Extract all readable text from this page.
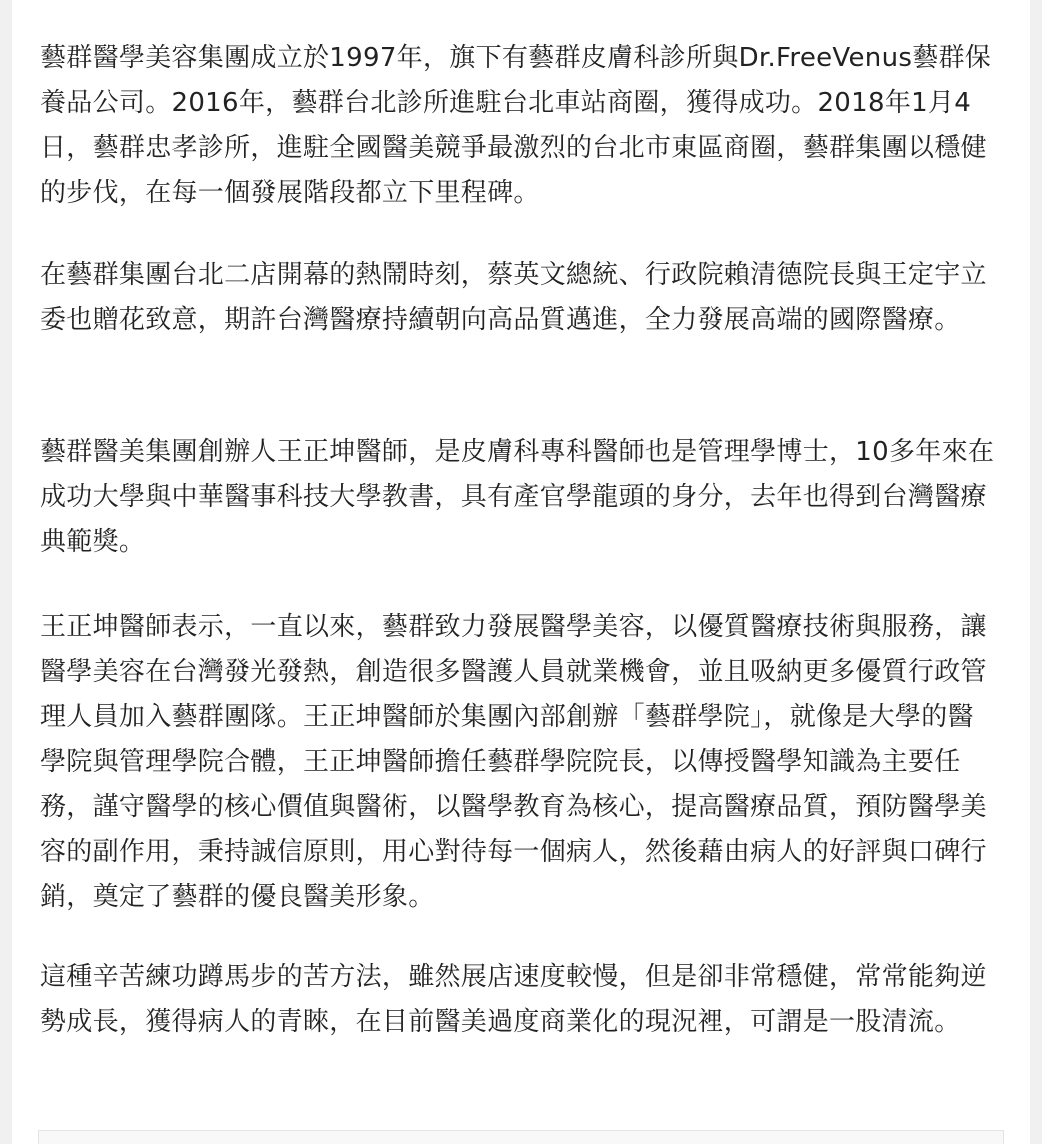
藝群醫學美容集團成立於1997年，旗下有藝群皮膚科診所與Dr.FreeVenus藝群保養品公司。2016年，藝群台北診所進駐台北車站商圈，獲得成功。2018年1月4日，藝群忠孝診所，進駐全國醫美競爭最激烈的台北市東區商圈，藝群集團以穩健的步伐，在每一個發展階段都立下里程碑。

在藝群集團台北二店開幕的熱鬧時刻，蔡英文總統、行政院賴清德院長與王定宇立委也贈花致意，期許台灣醫療持續朝向高品質邁進，全力發展高端的國際醫療。

藝群醫美集團創辦人王正坤醫師，是皮膚科專科醫師也是管理學博士，10多年來在成功大學與中華醫事科技大學教書，具有產官學龍頭的身分，去年也得到台灣醫療典範獎。

王正坤醫師表示，一直以來，藝群致力發展醫學美容，以優質醫療技術與服務，讓醫學美容在台灣發光發熱，創造很多醫護人員就業機會，並且吸納更多優質行政管理人員加入藝群團隊。王正坤醫師於集團內部創辦「藝群學院」，就像是大學的醫學院與管理學院合體，王正坤醫師擔任藝群學院院長，以傳授醫學知識為主要任務，謹守醫學的核心價值與醫術，以醫學教育為核心，提高醫療品質，預防醫學美容的副作用，秉持誠信原則，用心對待每一個病人，然後藉由病人的好評與口碑行銷，奠定了藝群的優良醫美形象。

這種辛苦練功蹲馬步的苦方法，雖然展店速度較慢，但是卻非常穩健，常常能夠逆勢成長，獲得病人的青睞，在目前醫美過度商業化的現況裡，可謂是一股清流。
